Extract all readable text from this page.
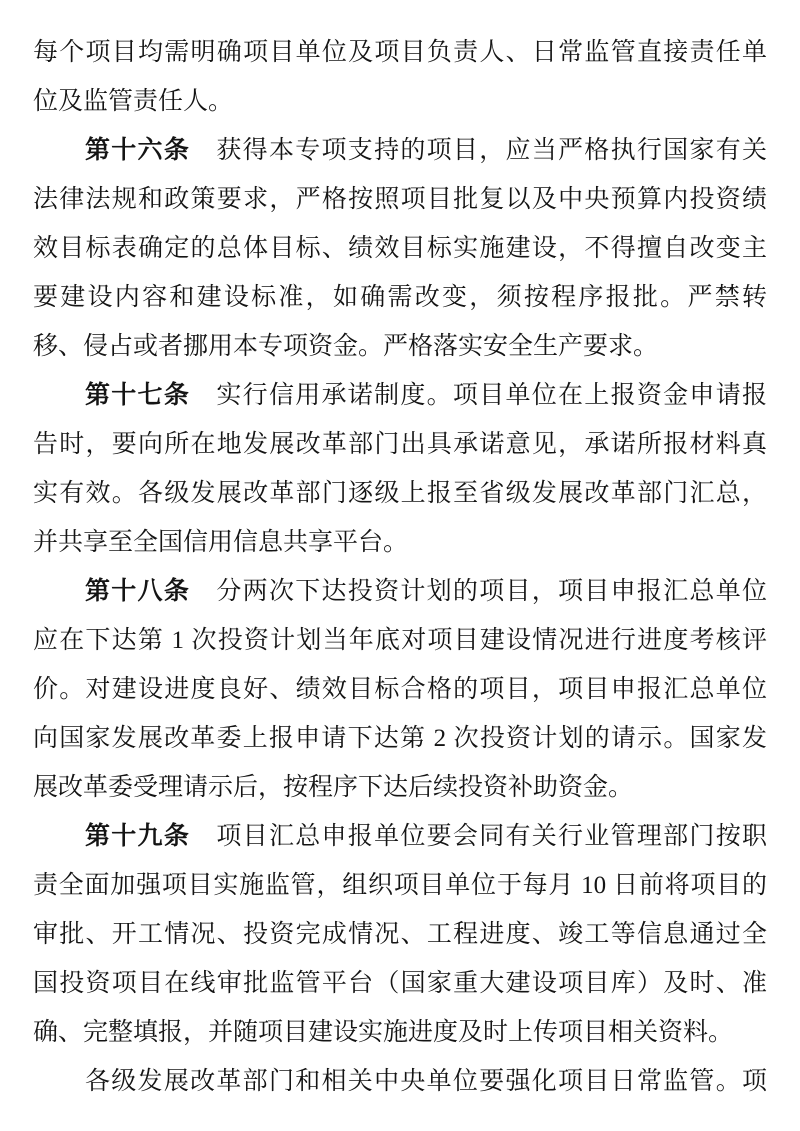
每个项目均需明确项目单位及项目负责人、日常监管直接责任单
位及监管责任人。
第十六条　获得本专项支持的项目，应当严格执行国家有关
法律法规和政策要求，严格按照项目批复以及中央预算内投资绩
效目标表确定的总体目标、绩效目标实施建设，不得擅自改变主
要建设内容和建设标准，如确需改变，须按程序报批。严禁转
移、侵占或者挪用本专项资金。严格落实安全生产要求。
第十七条　实行信用承诺制度。项目单位在上报资金申请报
告时，要向所在地发展改革部门出具承诺意见，承诺所报材料真
实有效。各级发展改革部门逐级上报至省级发展改革部门汇总，
并共享至全国信用信息共享平台。
第十八条　分两次下达投资计划的项目，项目申报汇总单位
应在下达第 1 次投资计划当年底对项目建设情况进行进度考核评
价。对建设进度良好、绩效目标合格的项目，项目申报汇总单位
向国家发展改革委上报申请下达第 2 次投资计划的请示。国家发
展改革委受理请示后，按程序下达后续投资补助资金。
第十九条　项目汇总申报单位要会同有关行业管理部门按职
责全面加强项目实施监管，组织项目单位于每月 10 日前将项目的
审批、开工情况、投资完成情况、工程进度、竣工等信息通过全
国投资项目在线审批监管平台（国家重大建设项目库）及时、准
确、完整填报，并随项目建设实施进度及时上传项目相关资料。
各级发展改革部门和相关中央单位要强化项目日常监管。项
